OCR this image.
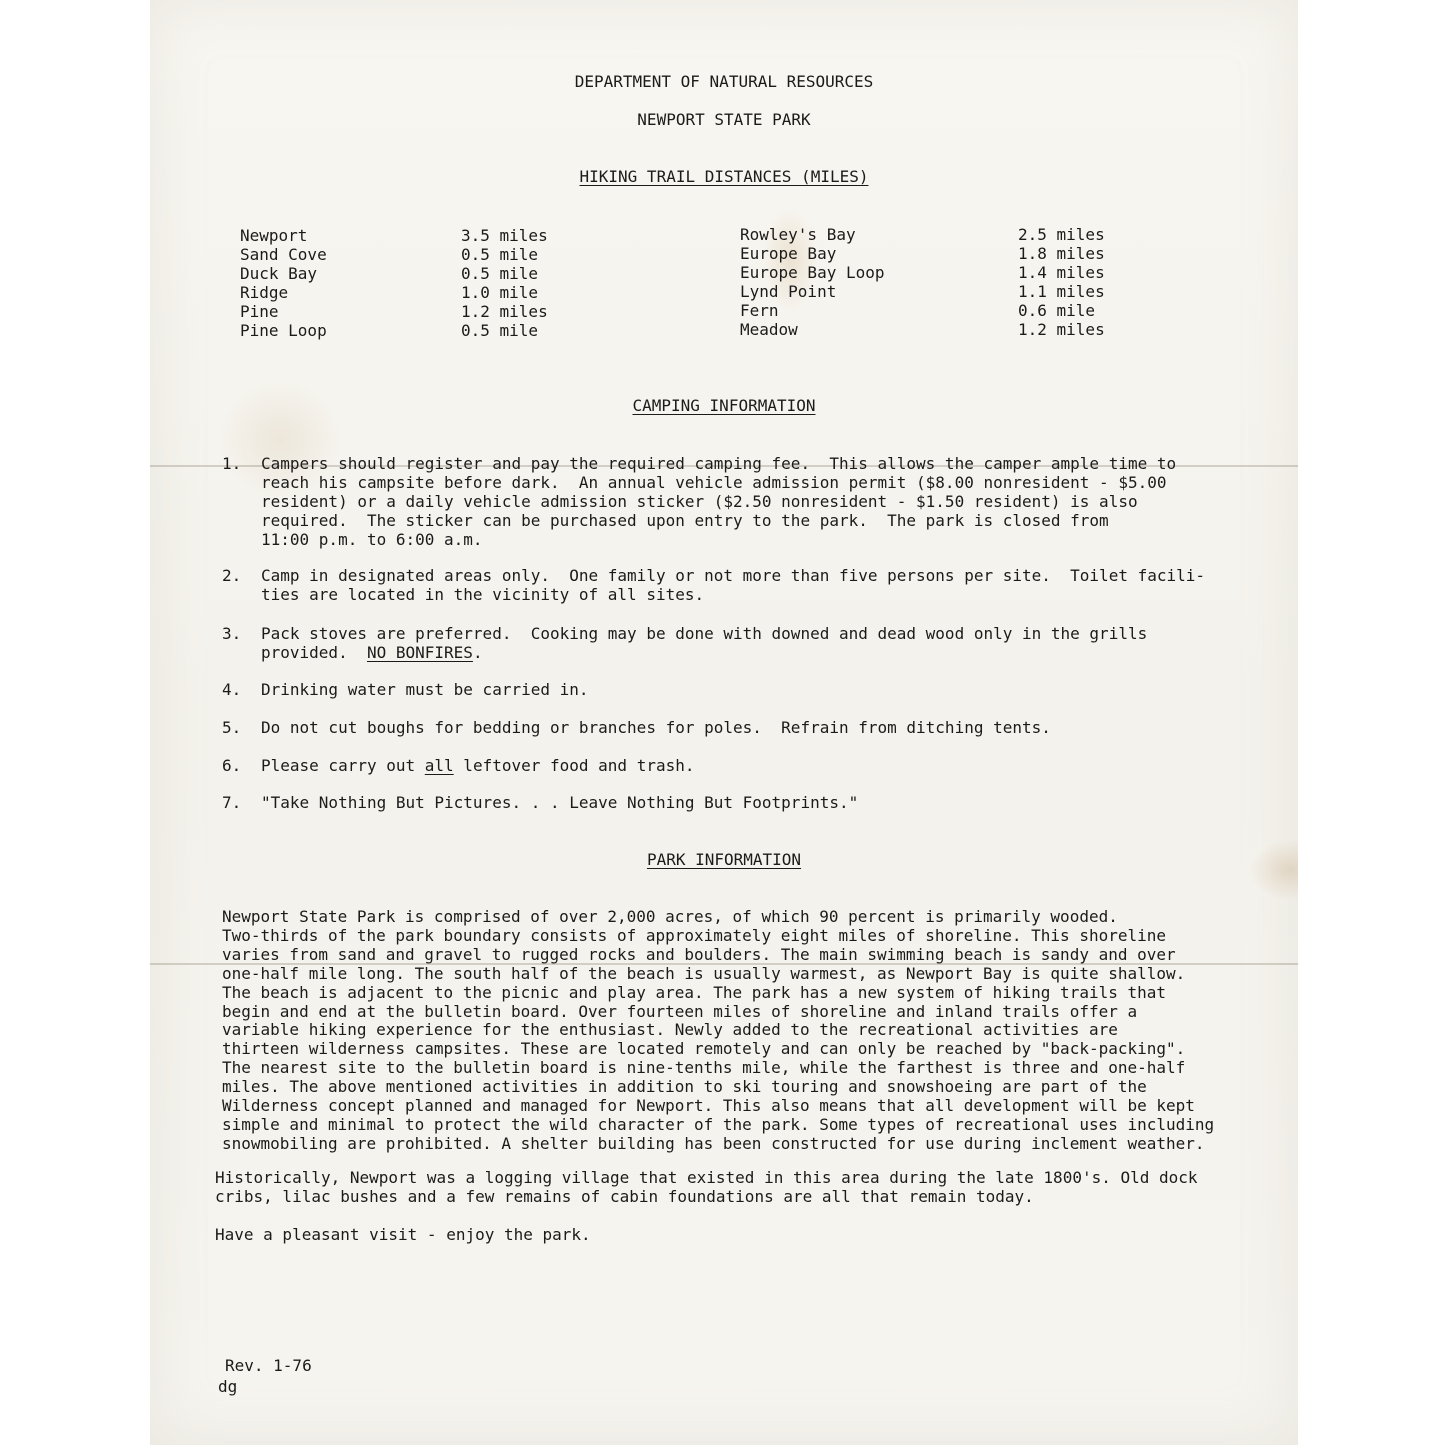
DEPARTMENT OF NATURAL RESOURCES
NEWPORT STATE PARK
HIKING TRAIL DISTANCES (MILES)
Newport	3.5 miles
Sand Cove	0.5 mile
Duck Bay	0.5 mile
Ridge	1.0 mile
Pine	1.2 miles
Pine Loop	0.5 mile
Rowley's Bay	2.5 miles
Europe Bay	1.8 miles
Europe Bay Loop	1.4 miles
Lynd Point	1.1 miles
Fern	0.6 mile
Meadow	1.2 miles
CAMPING INFORMATION
1. Campers should register and pay the required camping fee.  This allows the camper ample time to
reach his campsite before dark.  An annual vehicle admission permit ($8.00 nonresident - $5.00
resident) or a daily vehicle admission sticker ($2.50 nonresident - $1.50 resident) is also
required.  The sticker can be purchased upon entry to the park.  The park is closed from
11:00 p.m. to 6:00 a.m.
2. Camp in designated areas only.  One family or not more than five persons per site.  Toilet facili-
ties are located in the vicinity of all sites.
3. Pack stoves are preferred.  Cooking may be done with downed and dead wood only in the grills
provided.  NO BONFIRES.
4. Drinking water must be carried in.
5. Do not cut boughs for bedding or branches for poles.  Refrain from ditching tents.
6. Please carry out all leftover food and trash.
7. "Take Nothing But Pictures. . . Leave Nothing But Footprints."
PARK INFORMATION
Newport State Park is comprised of over 2,000 acres, of which 90 percent is primarily wooded.
Two-thirds of the park boundary consists of approximately eight miles of shoreline. This shoreline
varies from sand and gravel to rugged rocks and boulders. The main swimming beach is sandy and over
one-half mile long. The south half of the beach is usually warmest, as Newport Bay is quite shallow.
The beach is adjacent to the picnic and play area. The park has a new system of hiking trails that
begin and end at the bulletin board. Over fourteen miles of shoreline and inland trails offer a
variable hiking experience for the enthusiast. Newly added to the recreational activities are
thirteen wilderness campsites. These are located remotely and can only be reached by "back-packing".
The nearest site to the bulletin board is nine-tenths mile, while the farthest is three and one-half
miles. The above mentioned activities in addition to ski touring and snowshoeing are part of the
Wilderness concept planned and managed for Newport. This also means that all development will be kept
simple and minimal to protect the wild character of the park. Some types of recreational uses including
snowmobiling are prohibited. A shelter building has been constructed for use during inclement weather.
Historically, Newport was a logging village that existed in this area during the late 1800's. Old dock
cribs, lilac bushes and a few remains of cabin foundations are all that remain today.
Have a pleasant visit - enjoy the park.
Rev. 1-76
dg
